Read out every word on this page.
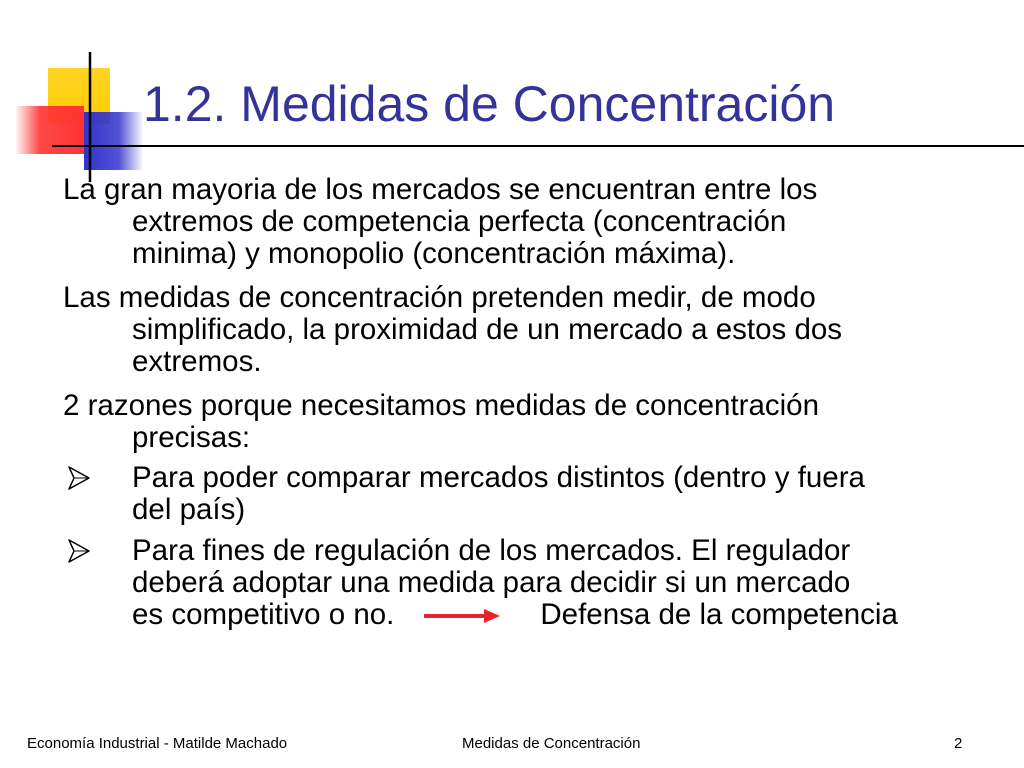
1.2. Medidas de Concentración
La gran mayoria de los mercados se encuentran entre los
extremos de competencia perfecta (concentración
minima) y monopolio (concentración máxima).
Las medidas de concentración pretenden medir, de modo
simplificado, la proximidad de un mercado a estos dos
extremos.
2 razones porque necesitamos medidas de concentración
precisas:
Para poder comparar mercados distintos (dentro y fuera
del país)
Para fines de regulación de los mercados. El regulador
deberá adoptar una medida para decidir si un mercado
es competitivo o no.	Defensa de la competencia
Economía Industrial - Matilde Machado	Medidas de Concentración	2
